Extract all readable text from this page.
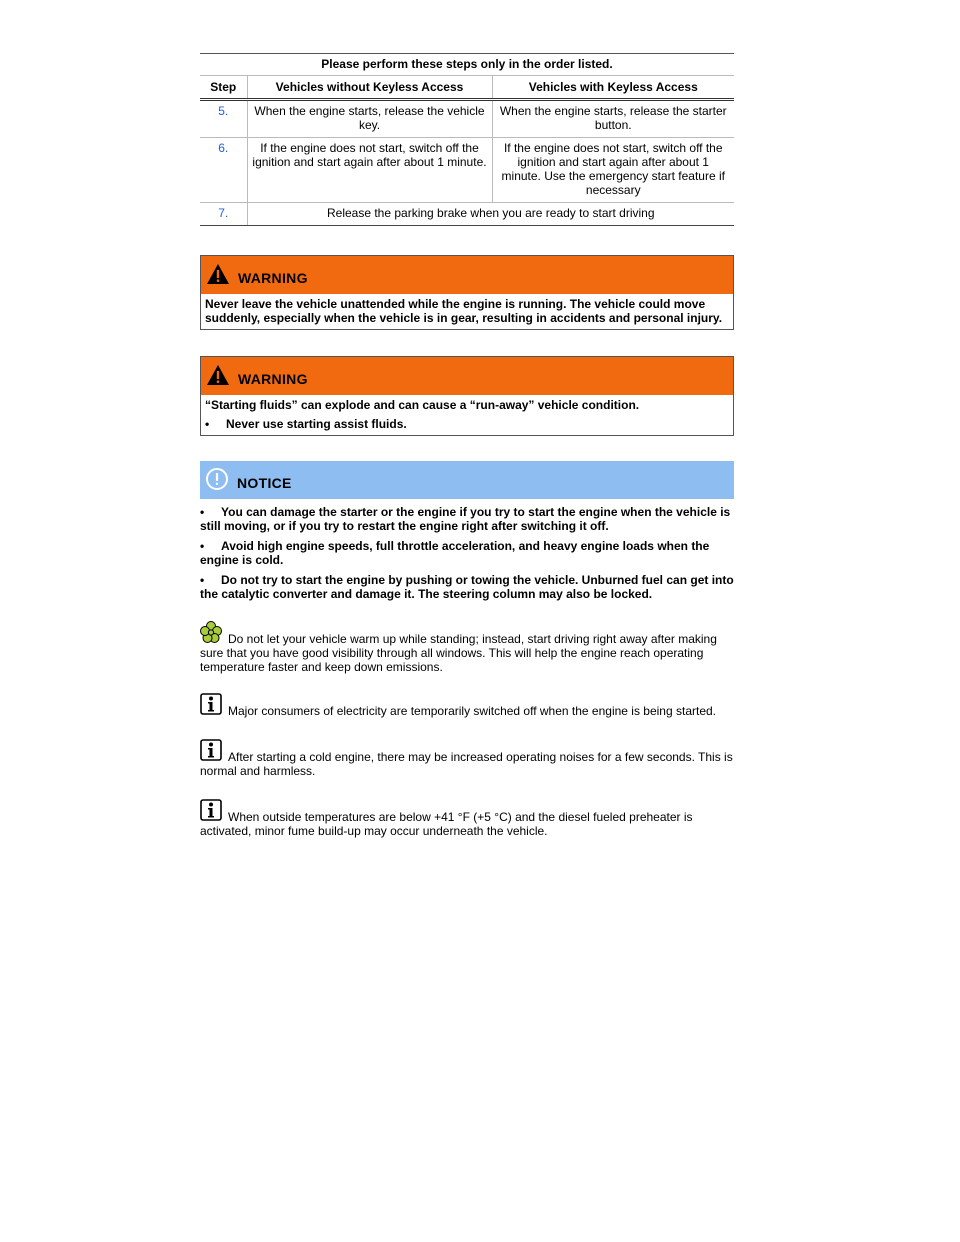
Please perform these steps only in the order listed.
Step	Vehicles without Keyless Access	Vehicles with Keyless Access
5.	When the engine starts, release the vehicle key.	When the engine starts, release the starter button.
6.	If the engine does not start, switch off the ignition and start again after about 1 minute.	If the engine does not start, switch off the ignition and start again after about 1 minute. Use the emergency start feature if necessary
7.	Release the parking brake when you are ready to start driving	
WARNING

Never leave the vehicle unattended while the engine is running. The vehicle could move suddenly, especially when the vehicle is in gear, resulting in accidents and personal injury.

WARNING

“Starting fluids” can explode and can cause a “run-away” vehicle condition.

•	Never use starting assist fluids.
NOTICE
• You can damage the starter or the engine if you try to start the engine when the vehicle is still moving, or if you try to restart the engine right after switching it off.
• Avoid high engine speeds, full throttle acceleration, and heavy engine loads when the engine is cold.
• Do not try to start the engine by pushing or towing the vehicle. Unburned fuel can get into the catalytic converter and damage it. The steering column may also be locked.
Do not let your vehicle warm up while standing; instead, start driving right away after making sure that you have good visibility through all windows. This will help the engine reach operating temperature faster and keep down emissions.
Major consumers of electricity are temporarily switched off when the engine is being started.
After starting a cold engine, there may be increased operating noises for a few seconds. This is normal and harmless.
When outside temperatures are below +41 °F (+5 °C) and the diesel fueled preheater is activated, minor fume build-up may occur underneath the vehicle.
